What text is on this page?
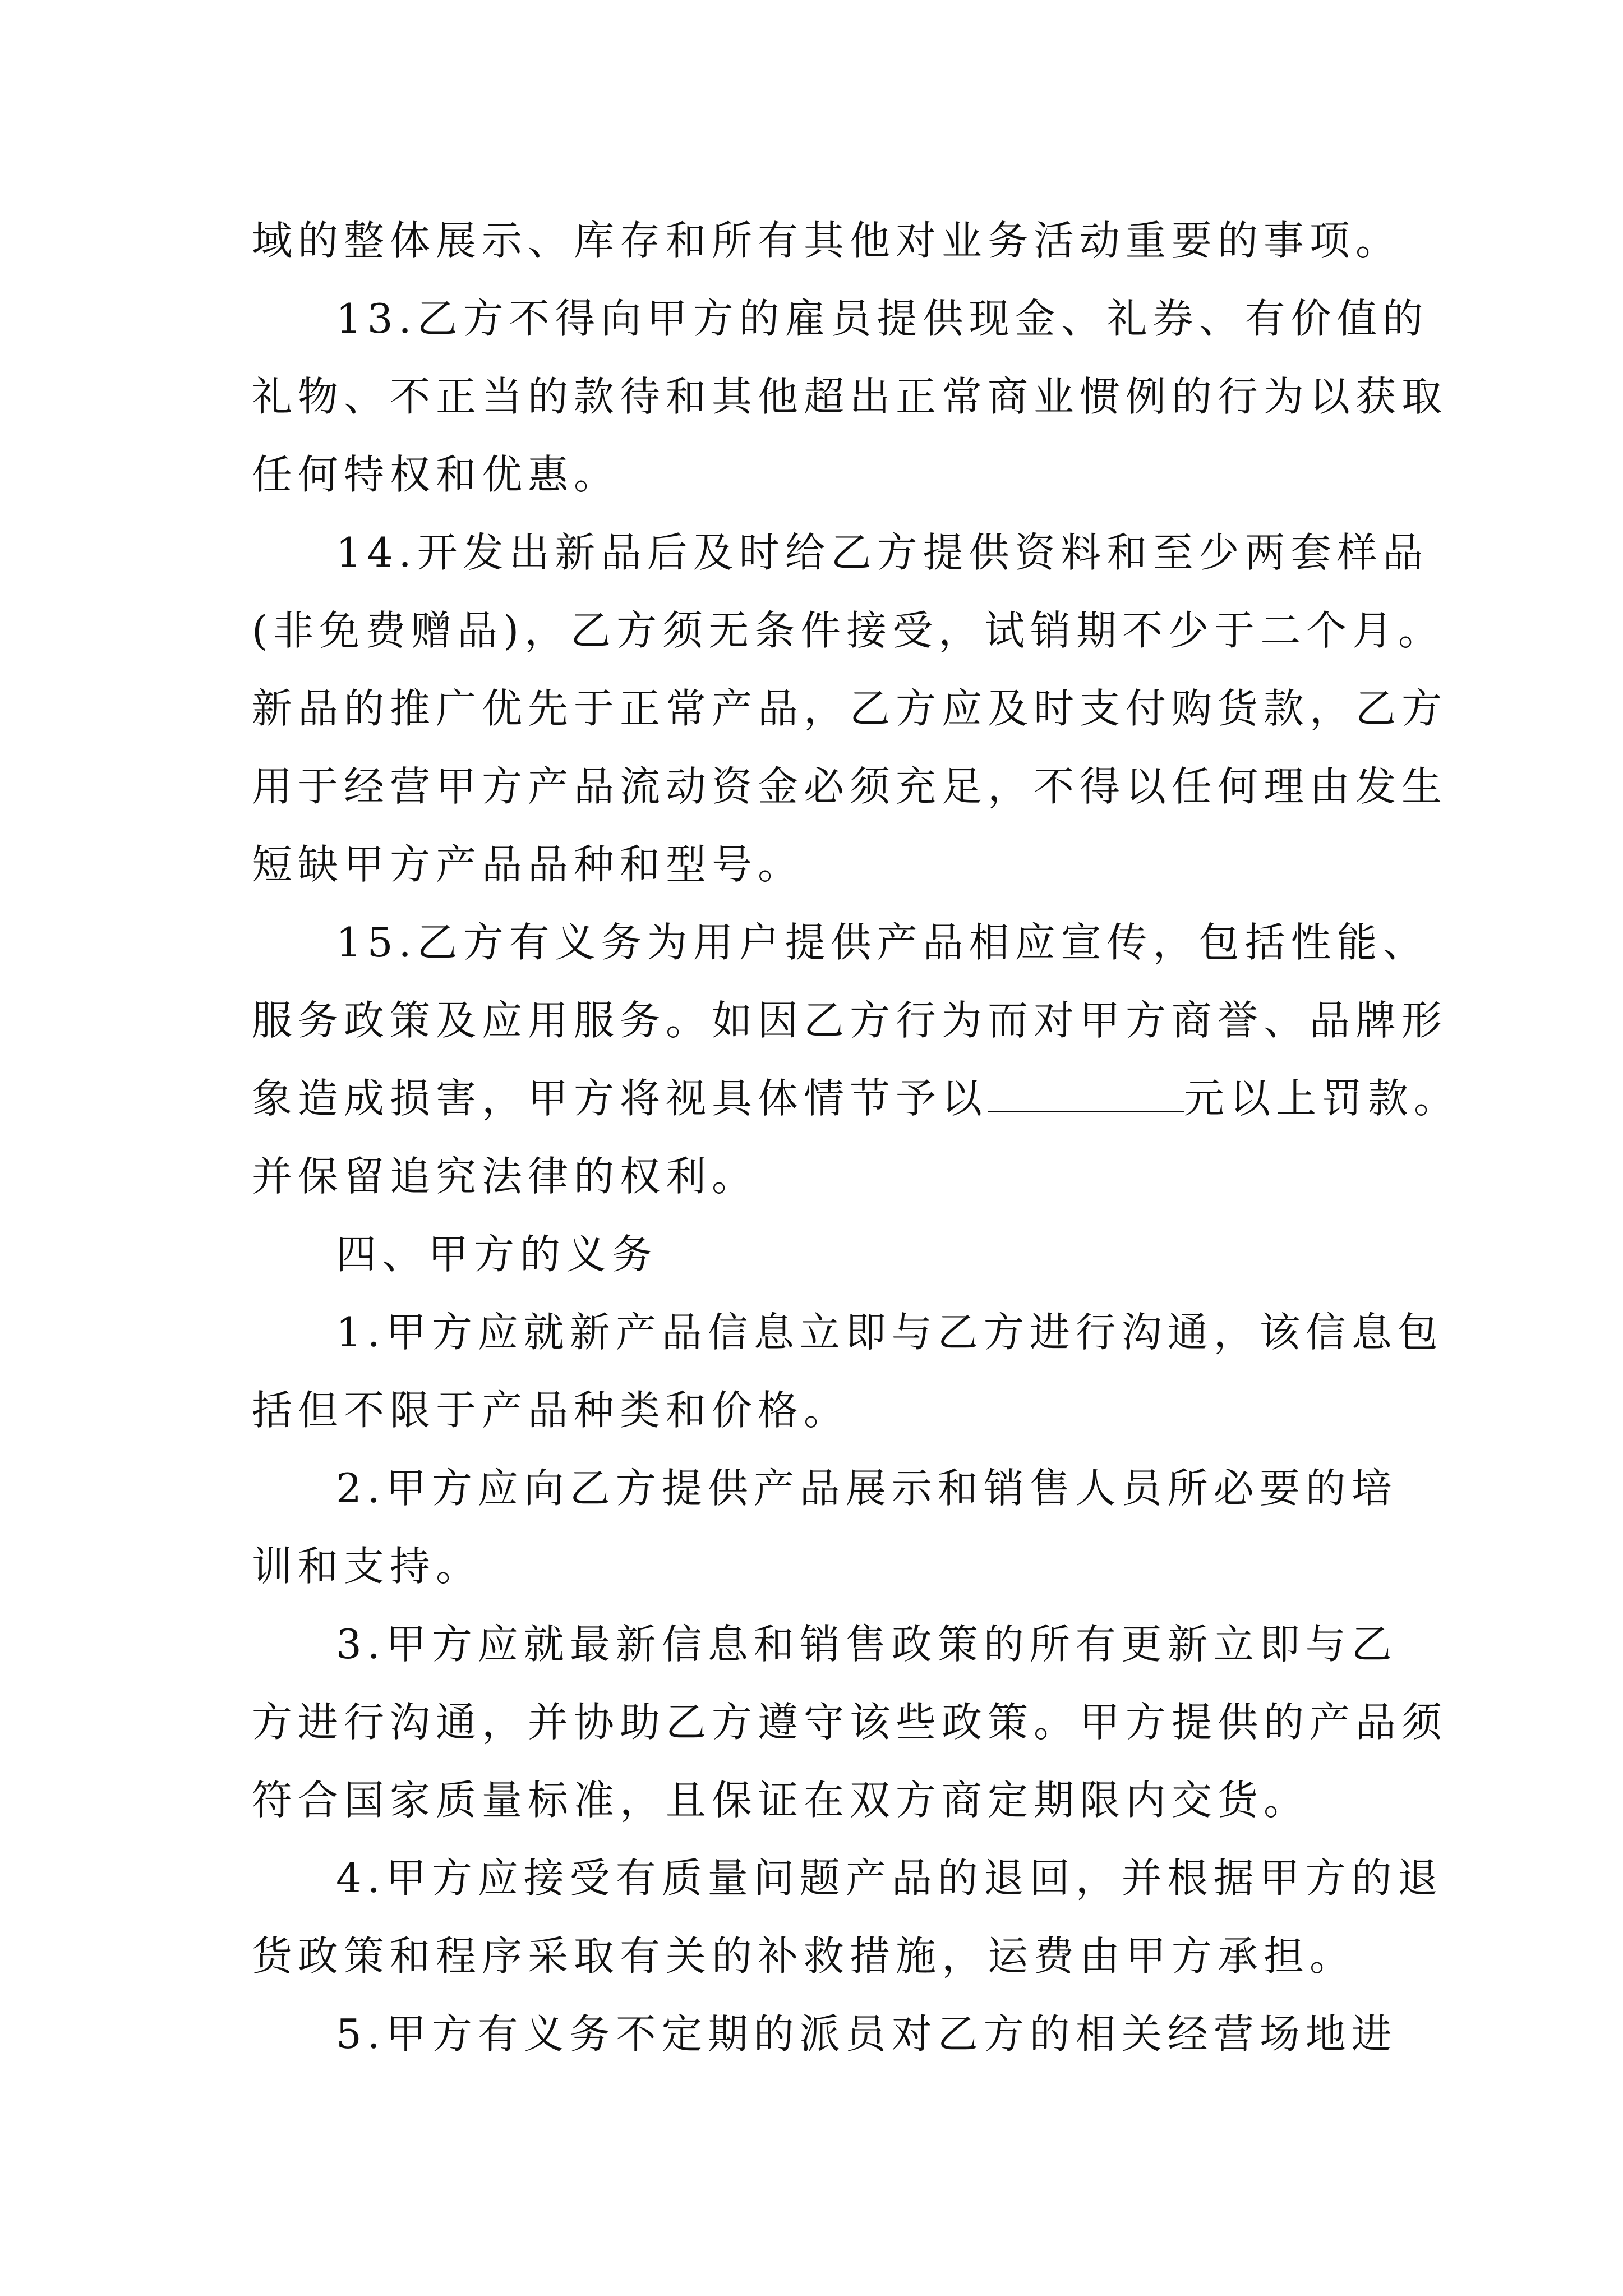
域的整体展示、库存和所有其他对业务活动重要的事项。
13.乙方不得向甲方的雇员提供现金、礼券、有价值的
礼物、不正当的款待和其他超出正常商业惯例的行为以获取
任何特权和优惠。
14.开发出新品后及时给乙方提供资料和至少两套样品
(非免费赠品)，乙方须无条件接受，试销期不少于二个月。
新品的推广优先于正常产品，乙方应及时支付购货款，乙方
用于经营甲方产品流动资金必须充足，不得以任何理由发生
短缺甲方产品品种和型号。
15.乙方有义务为用户提供产品相应宣传，包括性能、
服务政策及应用服务。如因乙方行为而对甲方商誉、品牌形
象造成损害，甲方将视具体情节予以	元以上罚款。
并保留追究法律的权利。
四、甲方的义务
1.甲方应就新产品信息立即与乙方进行沟通，该信息包
括但不限于产品种类和价格。
2.甲方应向乙方提供产品展示和销售人员所必要的培
训和支持。
3.甲方应就最新信息和销售政策的所有更新立即与乙
方进行沟通，并协助乙方遵守该些政策。甲方提供的产品须
符合国家质量标准，且保证在双方商定期限内交货。
4.甲方应接受有质量问题产品的退回，并根据甲方的退
货政策和程序采取有关的补救措施，运费由甲方承担。
5.甲方有义务不定期的派员对乙方的相关经营场地进
